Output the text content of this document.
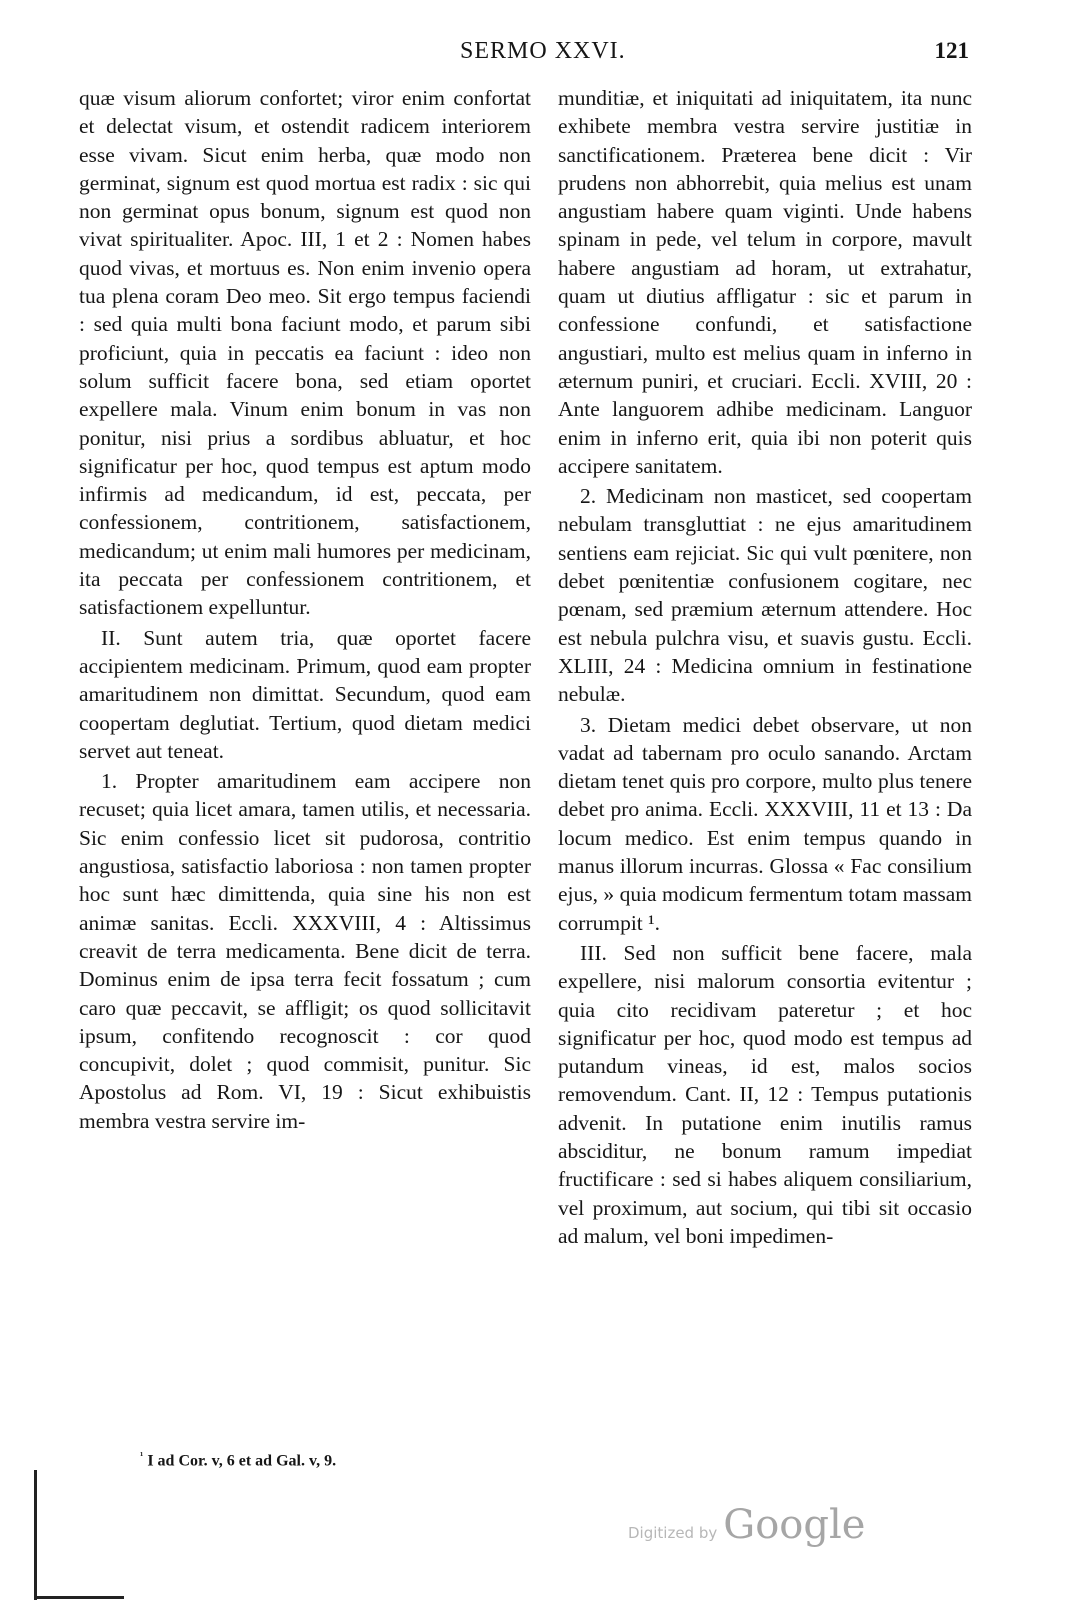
SERMO XXVI.	121

quæ visum aliorum confortet; viror enim confortat et delectat visum, et ostendit radicem interiorem esse vivam. Sicut enim herba, quæ modo non germinat, signum est quod mortua est radix : sic qui non germinat opus bonum, signum est quod non vivat spiritualiter. Apoc. III, 1 et 2 : Nomen habes quod vivas, et mortuus es. Non enim invenio opera tua plena coram Deo meo. Sit ergo tempus faciendi : sed quia multi bona faciunt modo, et parum sibi proficiunt, quia in peccatis ea faciunt : ideo non solum sufficit facere bona, sed etiam oportet expellere mala. Vinum enim bonum in vas non ponitur, nisi prius a sordibus abluatur, et hoc significatur per hoc, quod tempus est aptum modo infirmis ad medicandum, id est, peccata, per confessionem, contritionem, satisfactionem, medicandum; ut enim mali humores per medicinam, ita peccata per confessionem contritionem, et satisfactionem expelluntur.

II. Sunt autem tria, quæ oportet facere accipientem medicinam. Primum, quod eam propter amaritudinem non dimittat. Secundum, quod eam coopertam deglutiat. Tertium, quod dietam medici servet aut teneat.

1. Propter amaritudinem eam accipere non recuset; quia licet amara, tamen utilis, et necessaria. Sic enim confessio licet sit pudorosa, contritio angustiosa, satisfactio laboriosa : non tamen propter hoc sunt hæc dimittenda, quia sine his non est animæ sanitas. Eccli. XXXVIII, 4 : Altissimus creavit de terra medicamenta. Bene dicit de terra. Dominus enim de ipsa terra fecit fossatum ; cum caro quæ peccavit, se affligit; os quod sollicitavit ipsum, confitendo recognoscit : cor quod concupivit, dolet ; quod commisit, punitur. Sic Apostolus ad Rom. VI, 19 : Sicut exhibuistis membra vestra servire im-

munditiæ, et iniquitati ad iniquitatem, ita nunc exhibete membra vestra servire justitiæ in sanctificationem. Præterea bene dicit : Vir prudens non abhorrebit, quia melius est unam angustiam habere quam viginti. Unde habens spinam in pede, vel telum in corpore, mavult habere angustiam ad horam, ut extrahatur, quam ut diutius affligatur : sic et parum in confessione confundi, et satisfactione angustiari, multo est melius quam in inferno in æternum puniri, et cruciari. Eccli. XVIII, 20 : Ante languorem adhibe medicinam. Languor enim in inferno erit, quia ibi non poterit quis accipere sanitatem.

2. Medicinam non masticet, sed coopertam nebulam transgluttiat : ne ejus amaritudinem sentiens eam rejiciat. Sic qui vult pœnitere, non debet pœnitentiæ confusionem cogitare, nec pœnam, sed præmium æternum attendere. Hoc est nebula pulchra visu, et suavis gustu. Eccli. XLIII, 24 : Medicina omnium in festinatione nebulæ.

3. Dietam medici debet observare, ut non vadat ad tabernam pro oculo sanando. Arctam dietam tenet quis pro corpore, multo plus tenere debet pro anima. Eccli. XXXVIII, 11 et 13 : Da locum medico. Est enim tempus quando in manus illorum incurras. Glossa « Fac consilium ejus, » quia modicum fermentum totam massam corrumpit ¹.

III. Sed non sufficit bene facere, mala expellere, nisi malorum consortia evitentur ; quia cito recidivam pateretur ; et hoc significatur per hoc, quod modo est tempus ad putandum vineas, id est, malos socios removendum. Cant. II, 12 : Tempus putationis advenit. In putatione enim inutilis ramus absciditur, ne bonum ramum impediat fructificare : sed si habes aliquem consiliarium, vel proximum, aut socium, qui tibi sit occasio ad malum, vel boni impedimen-

$^{^1}$ I ad Cor. v, 6 et ad Gal. v, 9.
Digitized by Google
